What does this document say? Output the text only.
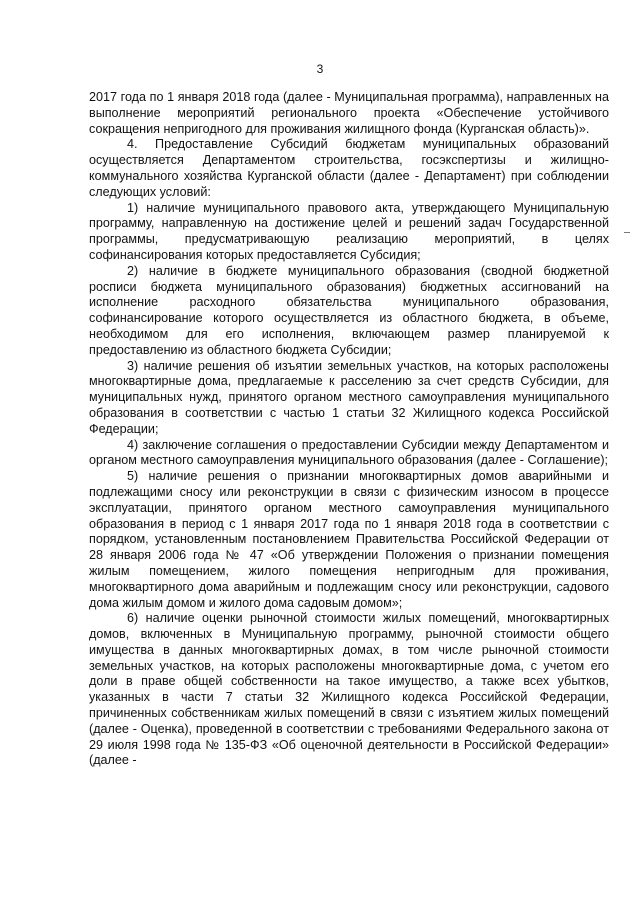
3

2017 года по 1 января 2018 года (далее - Муниципальная программа), направленных на выполнение мероприятий регионального проекта «Обеспечение устойчивого сокращения непригодного для проживания жилищного фонда (Курганская область)».

4. Предоставление Субсидий бюджетам муниципальных образований осуществляется Департаментом строительства, госэкспертизы и жилищно-коммунального хозяйства Курганской области (далее - Департамент) при соблюдении следующих условий:

1) наличие муниципального правового акта, утверждающего Муниципальную программу, направленную на достижение целей и решений задач Государственной программы, предусматривающую реализацию мероприятий, в целях софинансирования которых предоставляется Субсидия;

2) наличие в бюджете муниципального образования (сводной бюджетной росписи бюджета муниципального образования) бюджетных ассигнований на исполнение расходного обязательства муниципального образования, софинансирование которого осуществляется из областного бюджета, в объеме, необходимом для его исполнения, включающем размер планируемой к предоставлению из областного бюджета Субсидии;

3) наличие решения об изъятии земельных участков, на которых расположены многоквартирные дома, предлагаемые к расселению за счет средств Субсидии, для муниципальных нужд, принятого органом местного самоуправления муниципального образования в соответствии с частью 1 статьи 32 Жилищного кодекса Российской Федерации;

4) заключение соглашения о предоставлении Субсидии между Департаментом и органом местного самоуправления муниципального образования (далее - Соглашение);

5) наличие решения о признании многоквартирных домов аварийными и подлежащими сносу или реконструкции в связи с физическим износом в процессе эксплуатации, принятого органом местного самоуправления муниципального образования в период с 1 января 2017 года по 1 января 2018 года в соответствии с порядком, установленным постановлением Правительства Российской Федерации от 28 января 2006 года № 47 «Об утверждении Положения о признании помещения жилым помещением, жилого помещения непригодным для проживания, многоквартирного дома аварийным и подлежащим сносу или реконструкции, садового дома жилым домом и жилого дома садовым домом»;

6) наличие оценки рыночной стоимости жилых помещений, многоквартирных домов, включенных в Муниципальную программу, рыночной стоимости общего имущества в данных многоквартирных домах, в том числе рыночной стоимости земельных участков, на которых расположены многоквартирные дома, с учетом его доли в праве общей собственности на такое имущество, а также всех убытков, указанных в части 7 статьи 32 Жилищного кодекса Российской Федерации, причиненных собственникам жилых помещений в связи с изъятием жилых помещений (далее - Оценка), проведенной в соответствии с требованиями Федерального закона от 29 июля 1998 года № 135-ФЗ «Об оценочной деятельности в Российской Федерации» (далее -
